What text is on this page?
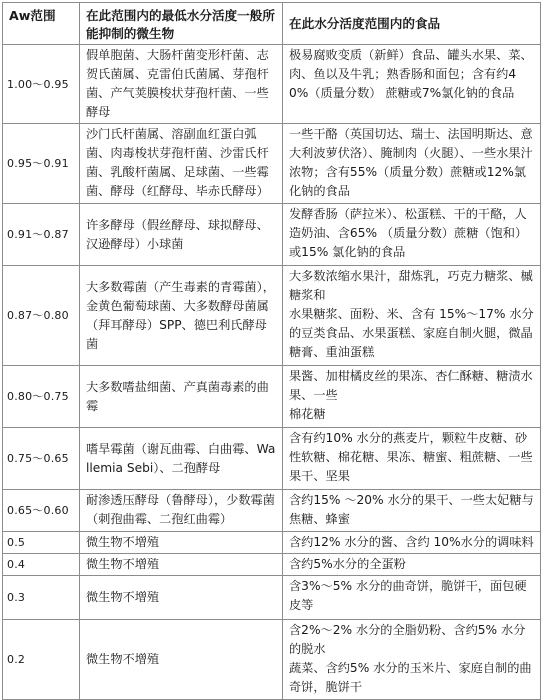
Aw范围	在此范围内的最低水分活度一般所能抑制的微生物	在此水分活度范围内的食品
1.00～0.95	假单胞菌、大肠杆菌变形杆菌、志贺氏菌属、克雷伯氏菌属、芽孢杆菌、产气荚膜梭状芽孢杆菌、一些酵母	极易腐败变质（新鲜）食品、罐头水果、菜、肉、鱼以及牛乳；熟香肠和面包；含有约40%（质量分数） 蔗糖或7%氯化钠的食品
0.95～0.91	沙门氏杆菌属、溶副血红蛋白弧菌、肉毒梭状芽孢杆菌、沙雷氏杆菌、乳酸杆菌属、足球菌、一些霉菌、酵母（红酵母、毕赤氏酵母）	一些干酪（英国切达、瑞士、法国明斯达、意大利波萝伏洛）、腌制肉（火腿）、一些水果汁浓物；含有55%（质量分数）蔗糖或12%氯化钠的食品
0.91～0.87	许多酵母（假丝酵母、球拟酵母、汉逊酵母）小球菌	发酵香肠（萨拉米）、松蛋糕、干的干酪，人造奶油、含65% （质量分数）蔗糖（饱和）或15% 氯化钠的食品
0.87～0.80	大多数霉菌（产生毒素的青霉菌），金黄色葡萄球菌、大多数酵母菌属（拜耳酵母）SPP、德巴利氏酵母菌	大多数浓缩水果汁，甜炼乳，巧克力糖浆、槭糖浆和
水果糖浆、面粉、米、含有 15%～17% 水分的豆类食品、水果蛋糕、家庭自制火腿，微晶糖膏、重油蛋糕

0.80～0.75	大多数嗜盐细菌、产真菌毒素的曲霉	果酱、加柑橘皮丝的果冻、杏仁酥糖、糖渍水果、一些
棉花糖

0.75～0.65	嗜旱霉菌（谢瓦曲霉、白曲霉、Wallemia Sebi）、二孢酵母	含有约10% 水分的燕麦片，颗粒牛皮糖、砂性软糖、棉花糖、果冻、糖蜜、粗蔗糖、一些果干、坚果
0.65～0.60	耐渗透压酵母（鲁酵母），少数霉菌（刺孢曲霉、二孢红曲霉）	含约15% ～20% 水分的果干、一些太妃糖与焦糖、蜂蜜
0.5	微生物不增殖	含约12% 水分的酱、含约 10%水分的调味料
0.4	微生物不增殖	含约5%水分的全蛋粉
0.3	微生物不增殖	含3%～5% 水分的曲奇饼，脆饼干，面包硬皮等
0.2	微生物不增殖	含2%～2% 水分的全脂奶粉、含约5% 水分的脱水
蔬菜、含约5% 水分的玉米片、家庭自制的曲奇饼，脆饼干
